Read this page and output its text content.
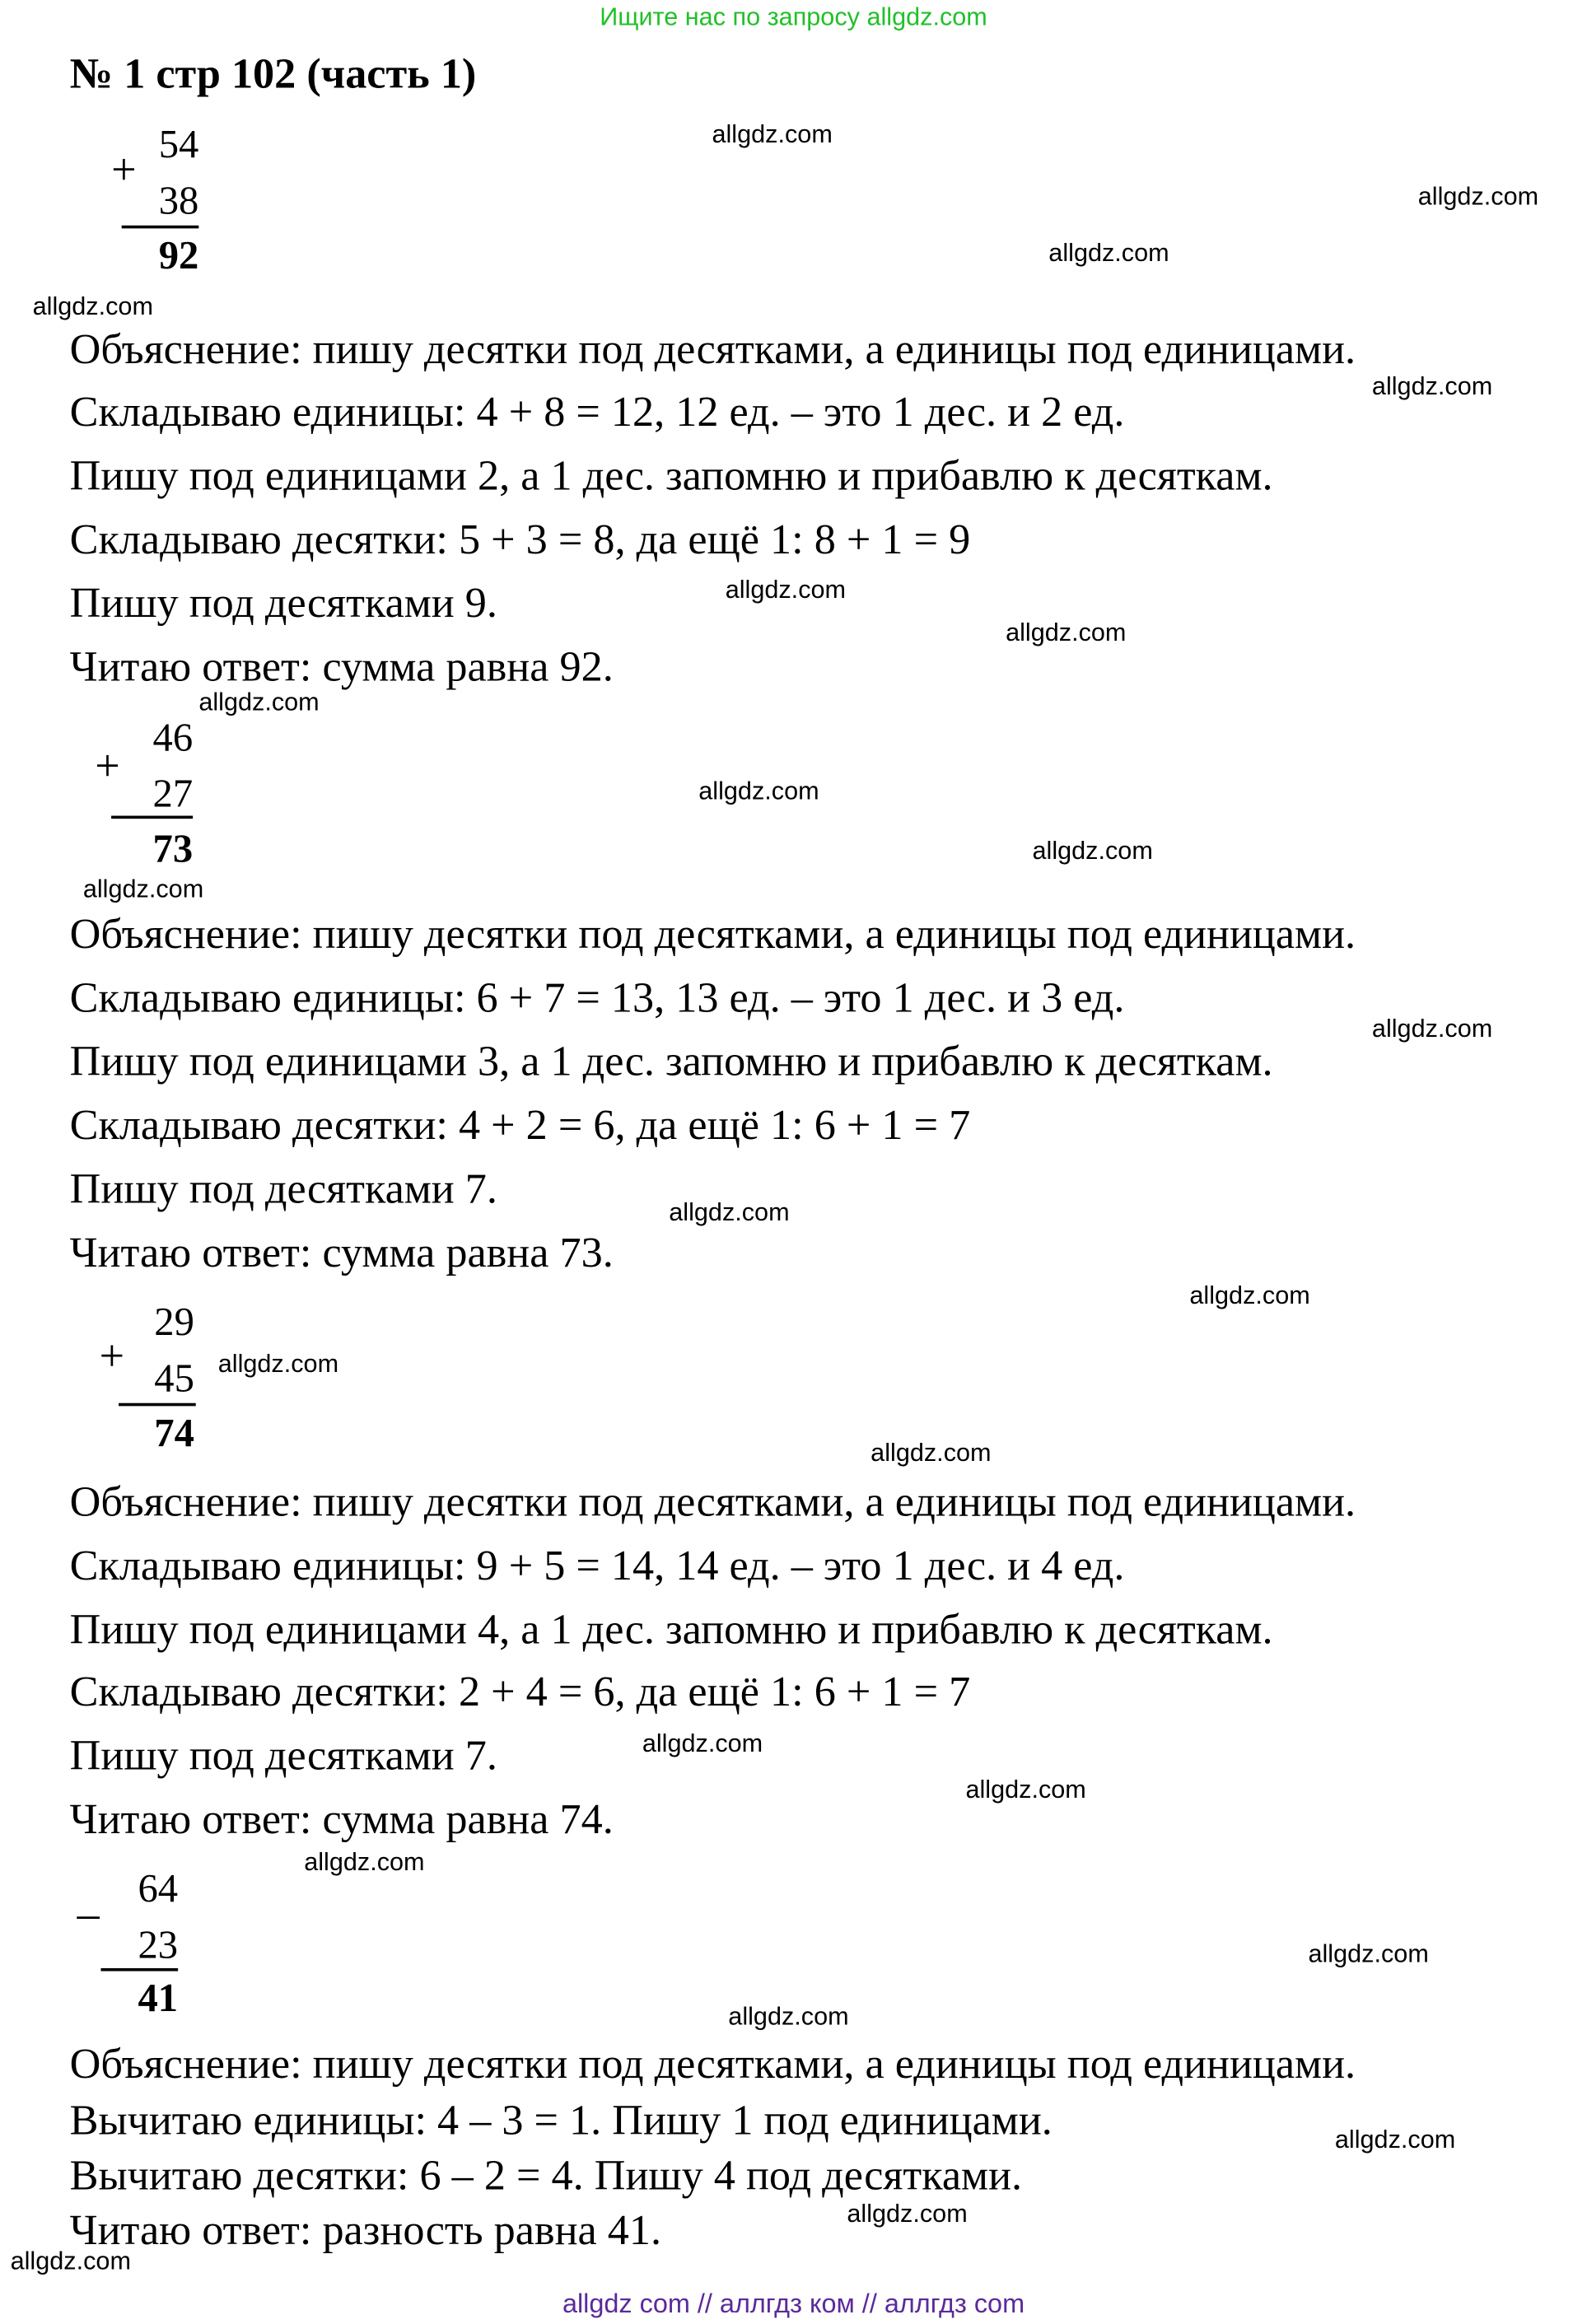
Ищите нас по запросу allgdz.com
№ 1 стр 102 (часть 1)
allgdz com // аллгдз ком // аллгдз com
+
54
38
92
Объяснение: пишу десятки под десятками, а единицы под единицами.
Складываю единицы: 4 + 8 = 12, 12 ед. – это 1 дес. и 2 ед.
Пишу под единицами 2, а 1 дес. запомню и прибавлю к десяткам.
Складываю десятки: 5 + 3 = 8, да ещё 1: 8 + 1 = 9
Пишу под десятками 9.
Читаю ответ: сумма равна 92.
+
46
27
73
Объяснение: пишу десятки под десятками, а единицы под единицами.
Складываю единицы: 6 + 7 = 13, 13 ед. – это 1 дес. и 3 ед.
Пишу под единицами 3, а 1 дес. запомню и прибавлю к десяткам.
Складываю десятки: 4 + 2 = 6, да ещё 1: 6 + 1 = 7
Пишу под десятками 7.
Читаю ответ: сумма равна 73.
+
29
45
74
Объяснение: пишу десятки под десятками, а единицы под единицами.
Складываю единицы: 9 + 5 = 14, 14 ед. – это 1 дес. и 4 ед.
Пишу под единицами 4, а 1 дес. запомню и прибавлю к десяткам.
Складываю десятки: 2 + 4 = 6, да ещё 1: 6 + 1 = 7
Пишу под десятками 7.
Читаю ответ: сумма равна 74.
–
64
23
41
Объяснение: пишу десятки под десятками, а единицы под единицами.
Вычитаю единицы: 4 – 3 = 1. Пишу 1 под единицами.
Вычитаю десятки: 6 – 2 = 4. Пишу 4 под десятками.
Читаю ответ: разность равна 41.
allgdz.com
allgdz.com
allgdz.com
allgdz.com
allgdz.com
allgdz.com
allgdz.com
allgdz.com
allgdz.com
allgdz.com
allgdz.com
allgdz.com
allgdz.com
allgdz.com
allgdz.com
allgdz.com
allgdz.com
allgdz.com
allgdz.com
allgdz.com
allgdz.com
allgdz.com
allgdz.com
allgdz.com
